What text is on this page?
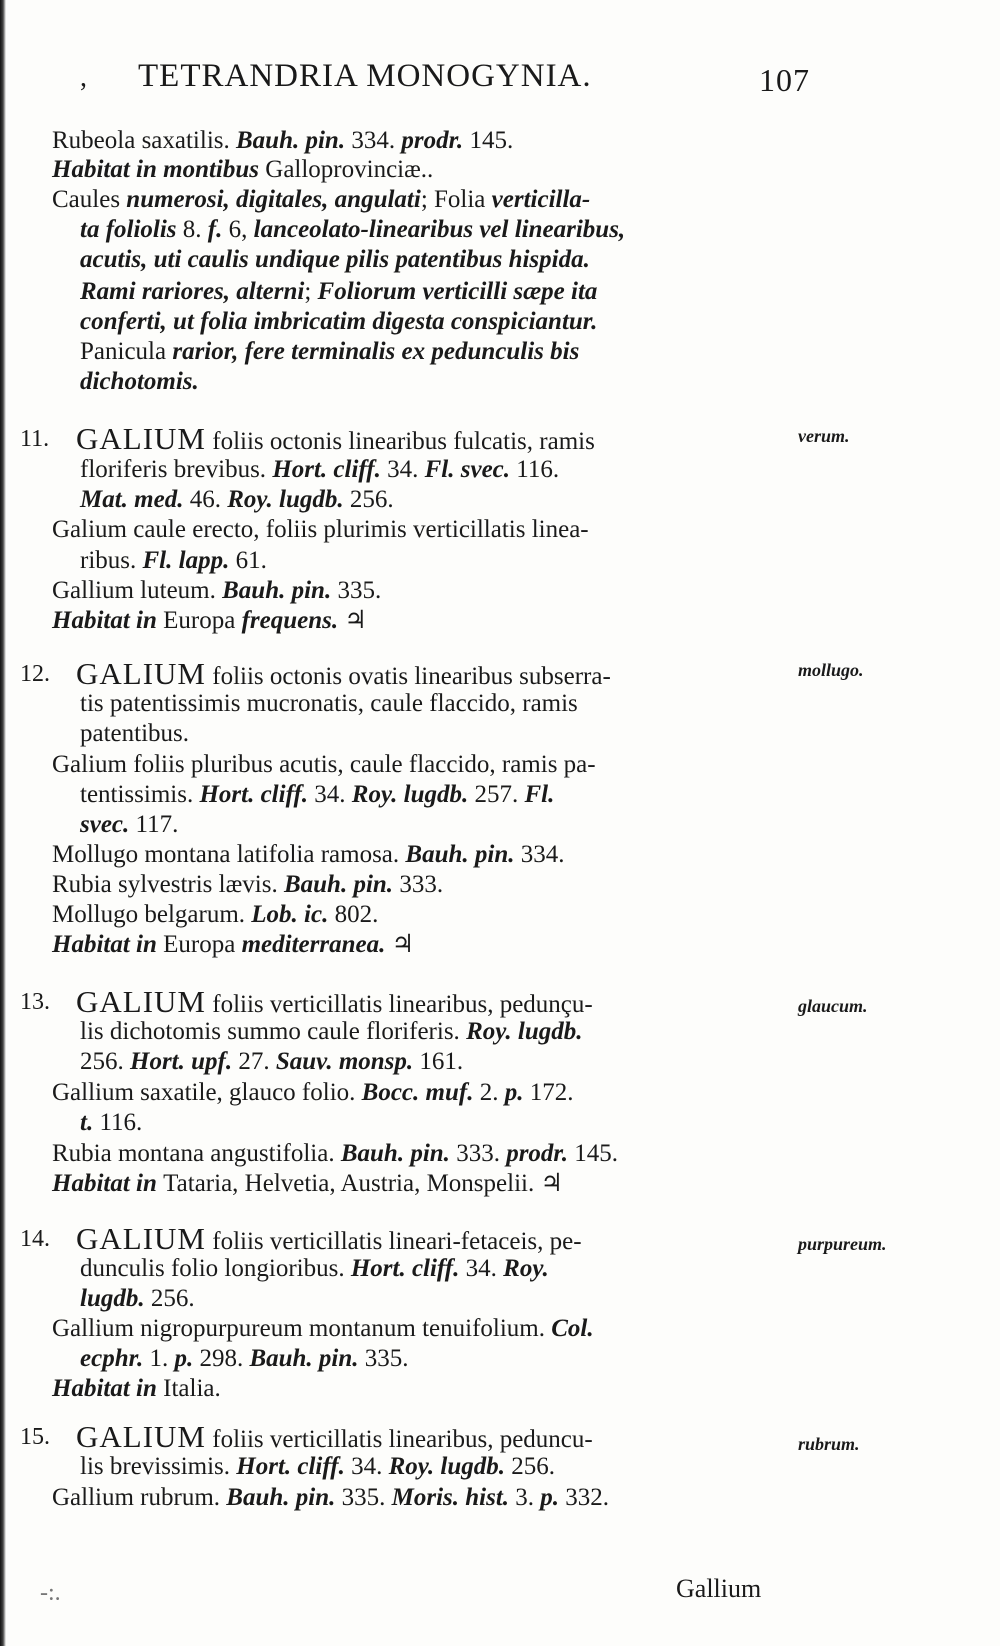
, TETRANDRIA MONOGYNIA.	107
Rubeola saxatilis. Bauh. pin. 334. prodr. 145.
Habitat in montibus Galloprovinciæ..
Caules numerosi, digitales, angulati; Folia verticilla-
ta foliolis 8. f. 6, lanceolato-linearibus vel linearibus,
acutis, uti caulis undique pilis patentibus hispida.
Rami rariores, alterni; Foliorum verticilli sæpe ita
conferti, ut folia imbricatim digesta conspiciantur.
Panicula rarior, fere terminalis ex pedunculis bis
dichotomis.
11. GALIUM foliis octonis linearibus fulcatis, ramis
floriferis brevibus. Hort. cliff. 34. Fl. svec. 116.
Mat. med. 46. Roy. lugdb. 256.
Galium caule erecto, foliis plurimis verticillatis linea-
ribus. Fl. lapp. 61.
Gallium luteum. Bauh. pin. 335.
Habitat in Europa frequens. ♃
12. GALIUM foliis octonis ovatis linearibus subserra-
tis patentissimis mucronatis, caule flaccido, ramis
patentibus.
Galium foliis pluribus acutis, caule flaccido, ramis pa-
tentissimis. Hort. cliff. 34. Roy. lugdb. 257. Fl.
svec. 117.
Mollugo montana latifolia ramosa. Bauh. pin. 334.
Rubia sylvestris lævis. Bauh. pin. 333.
Mollugo belgarum. Lob. ic. 802.
Habitat in Europa mediterranea. ♃
13. GALIUM foliis verticillatis linearibus, pedunçu-
lis dichotomis summo caule floriferis. Roy. lugdb.
256. Hort. upf. 27. Sauv. monsp. 161.
Gallium saxatile, glauco folio. Bocc. muf. 2. p. 172.
t. 116.
Rubia montana angustifolia. Bauh. pin. 333. prodr. 145.
Habitat in Tataria, Helvetia, Austria, Monspelii. ♃
14. GALIUM foliis verticillatis lineari-fetaceis, pe-
dunculis folio longioribus. Hort. cliff. 34. Roy.
lugdb. 256.
Gallium nigropurpureum montanum tenuifolium. Col.
ecphr. 1. p. 298. Bauh. pin. 335.
Habitat in Italia.
15. GALIUM foliis verticillatis linearibus, peduncu-
lis brevissimis. Hort. cliff. 34. Roy. lugdb. 256.
Gallium rubrum. Bauh. pin. 335. Moris. hist. 3. p. 332.
verum.
mollugo.
glaucum.
purpureum.
rubrum.
-:.	Gallium
